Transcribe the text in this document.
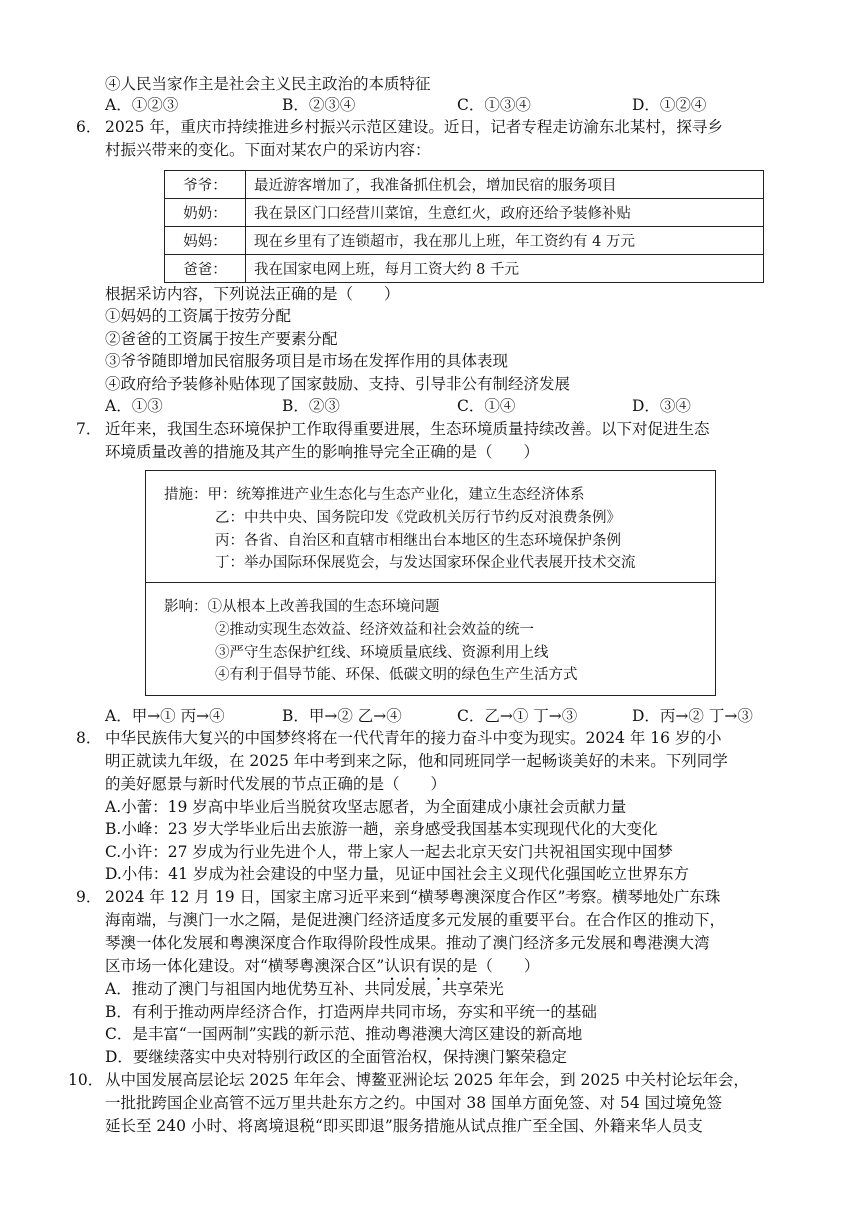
④人民当家作主是社会主义民主政治的本质特征
A．①②③	B．②③④	C．①③④	D．①②④
6． 2025 年，重庆市持续推进乡村振兴示范区建设。近日，记者专程走访渝东北某村，探寻乡
村振兴带来的变化。下面对某农户的采访内容：
爷爷：	最近游客增加了，我准备抓住机会，增加民宿的服务项目
奶奶：	我在景区门口经营川菜馆，生意红火，政府还给予装修补贴
妈妈：	现在乡里有了连锁超市，我在那儿上班，年工资约有 4 万元
爸爸：	我在国家电网上班，每月工资大约 8 千元
根据采访内容，下列说法正确的是（　　）
①妈妈的工资属于按劳分配
②爸爸的工资属于按生产要素分配
③爷爷随即增加民宿服务项目是市场在发挥作用的具体表现
④政府给予装修补贴体现了国家鼓励、支持、引导非公有制经济发展
A．①③	B．②③	C．①④	D．③④
7． 近年来，我国生态环境保护工作取得重要进展，生态环境质量持续改善。以下对促进生态
环境质量改善的措施及其产生的影响推导完全正确的是（　　）
措施：甲：统筹推进产业生态化与生态产业化，建立生态经济体系
乙：中共中央、国务院印发《党政机关厉行节约反对浪费条例》
丙：各省、自治区和直辖市相继出台本地区的生态环境保护条例
丁：举办国际环保展览会，与发达国家环保企业代表展开技术交流
影响：①从根本上改善我国的生态环境问题
②推动实现生态效益、经济效益和社会效益的统一
③严守生态保护红线、环境质量底线、资源利用上线
④有利于倡导节能、环保、低碳文明的绿色生产生活方式
A．甲→① 丙→④	B．甲→② 乙→④	C．乙→① 丁→③	D．丙→② 丁→③
8． 中华民族伟大复兴的中国梦终将在一代代青年的接力奋斗中变为现实。2024 年 16 岁的小
明正就读九年级，在 2025 年中考到来之际，他和同班同学一起畅谈美好的未来。下列同学
的美好愿景与新时代发展的节点正确的是（　　）
A.小蕾：19 岁高中毕业后当脱贫攻坚志愿者，为全面建成小康社会贡献力量
B.小峰：23 岁大学毕业后出去旅游一趟，亲身感受我国基本实现现代化的大变化
C.小许：27 岁成为行业先进个人，带上家人一起去北京天安门共祝祖国实现中国梦
D.小伟：41 岁成为社会建设的中坚力量，见证中国社会主义现代化强国屹立世界东方
9． 2024 年 12 月 19 日，国家主席习近平来到“横琴粤澳深度合作区”考察。横琴地处广东珠
海南端，与澳门一水之隔，是促进澳门经济适度多元发展的重要平台。在合作区的推动下，
琴澳一体化发展和粤澳深度合作取得阶段性成果。推动了澳门经济多元发展和粤港澳大湾
区市场一体化建设。对“横琴粤澳深合区”认识有误的是（　　）
A．推动了澳门与祖国内地优势互补、共同发展，共享荣光
B．有利于推动两岸经济合作，打造两岸共同市场，夯实和平统一的基础
C．是丰富“一国两制”实践的新示范、推动粤港澳大湾区建设的新高地
D．要继续落实中央对特别行政区的全面管治权，保持澳门繁荣稳定
10． 从中国发展高层论坛 2025 年年会、博鳌亚洲论坛 2025 年年会，到 2025 中关村论坛年会，
一批批跨国企业高管不远万里共赴东方之约。中国对 38 国单方面免签、对 54 国过境免签
延长至 240 小时、将离境退税“即买即退”服务措施从试点推广至全国、外籍来华人员支
